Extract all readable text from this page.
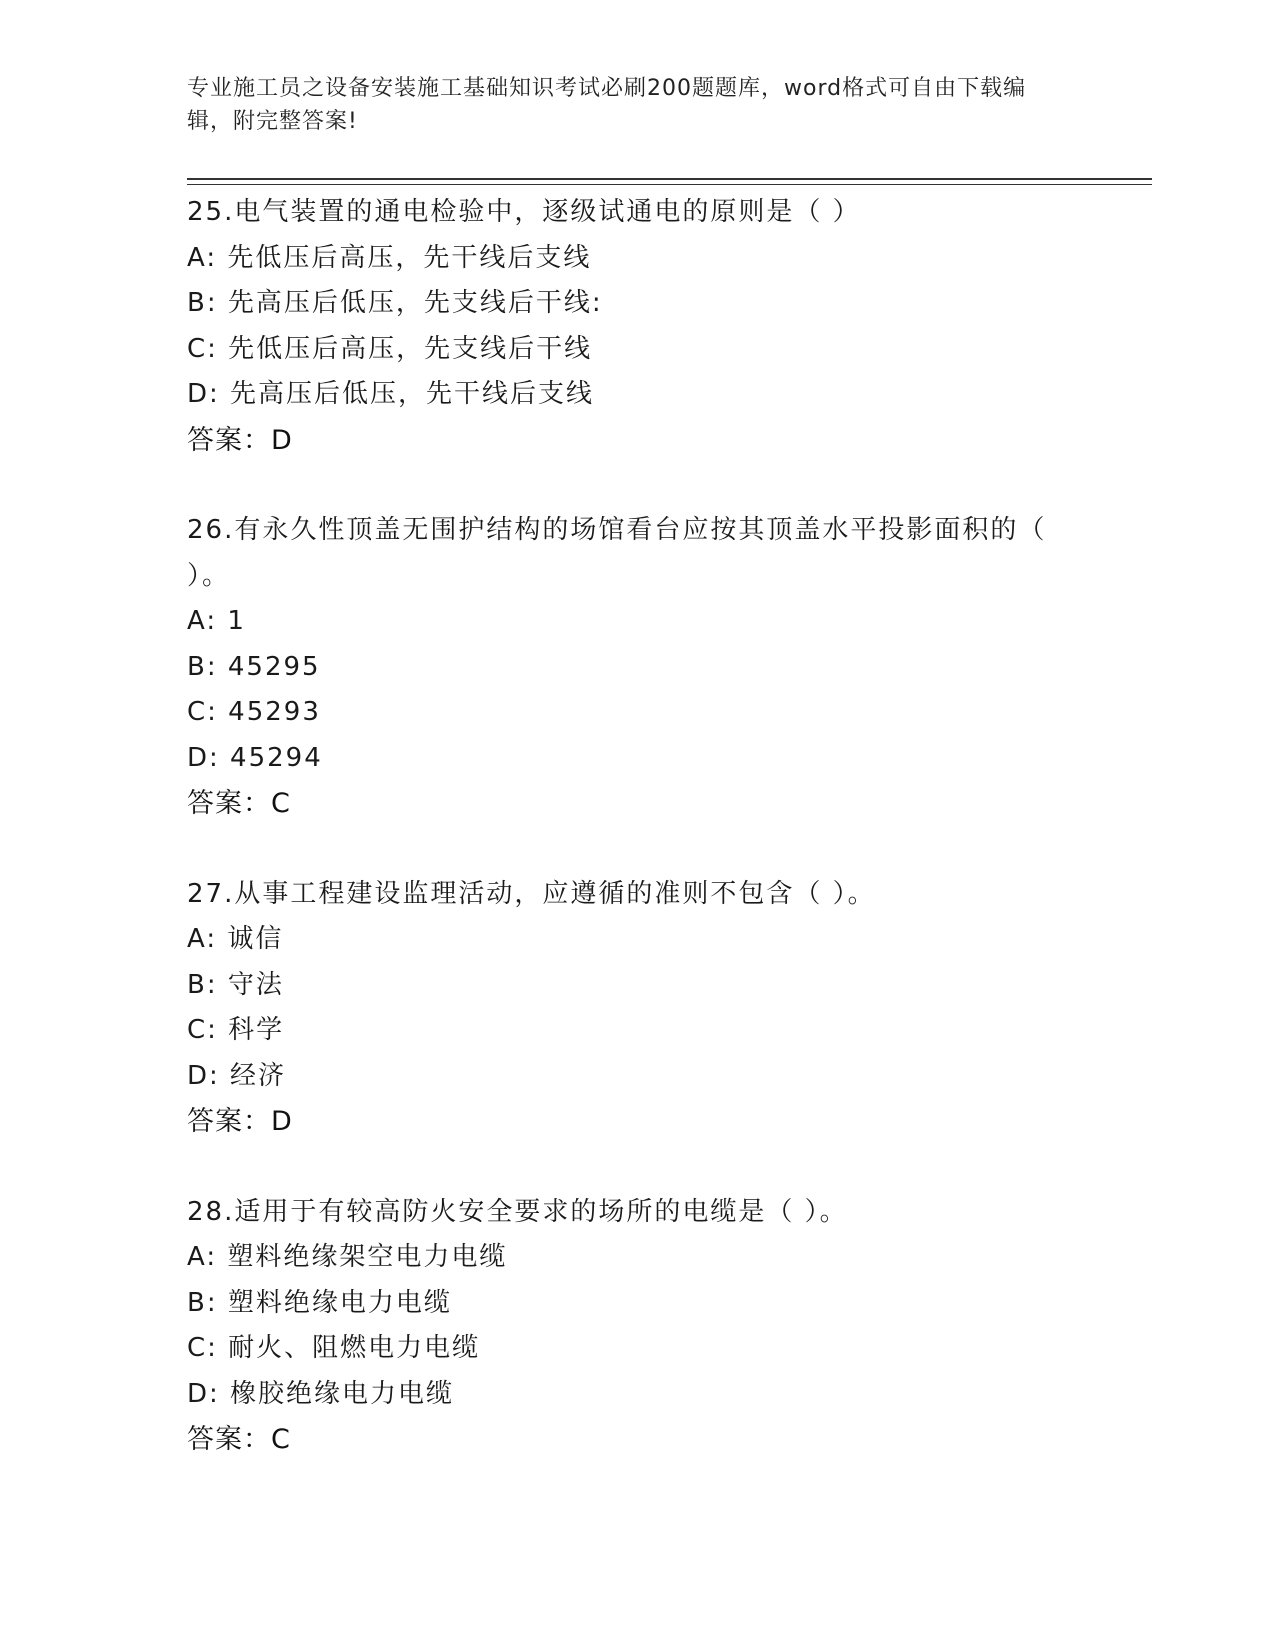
专业施工员之设备安装施工基础知识考试必刷200题题库，word格式可自由下载编辑，附完整答案!
25.电气装置的通电检验中，逐级试通电的原则是（ ）
A: 先低压后高压，先干线后支线
B: 先高压后低压，先支线后干线:
C: 先低压后高压，先支线后干线
D: 先高压后低压，先干线后支线
答案：D
26.有永久性顶盖无围护结构的场馆看台应按其顶盖水平投影面积的（ ）。
A: 1
B: 45295
C: 45293
D: 45294
答案：C
27.从事工程建设监理活动，应遵循的准则不包含（ ）。
A: 诚信
B: 守法
C: 科学
D: 经济
答案：D
28.适用于有较高防火安全要求的场所的电缆是（ ）。
A: 塑料绝缘架空电力电缆
B: 塑料绝缘电力电缆
C: 耐火、阻燃电力电缆
D: 橡胶绝缘电力电缆
答案：C
